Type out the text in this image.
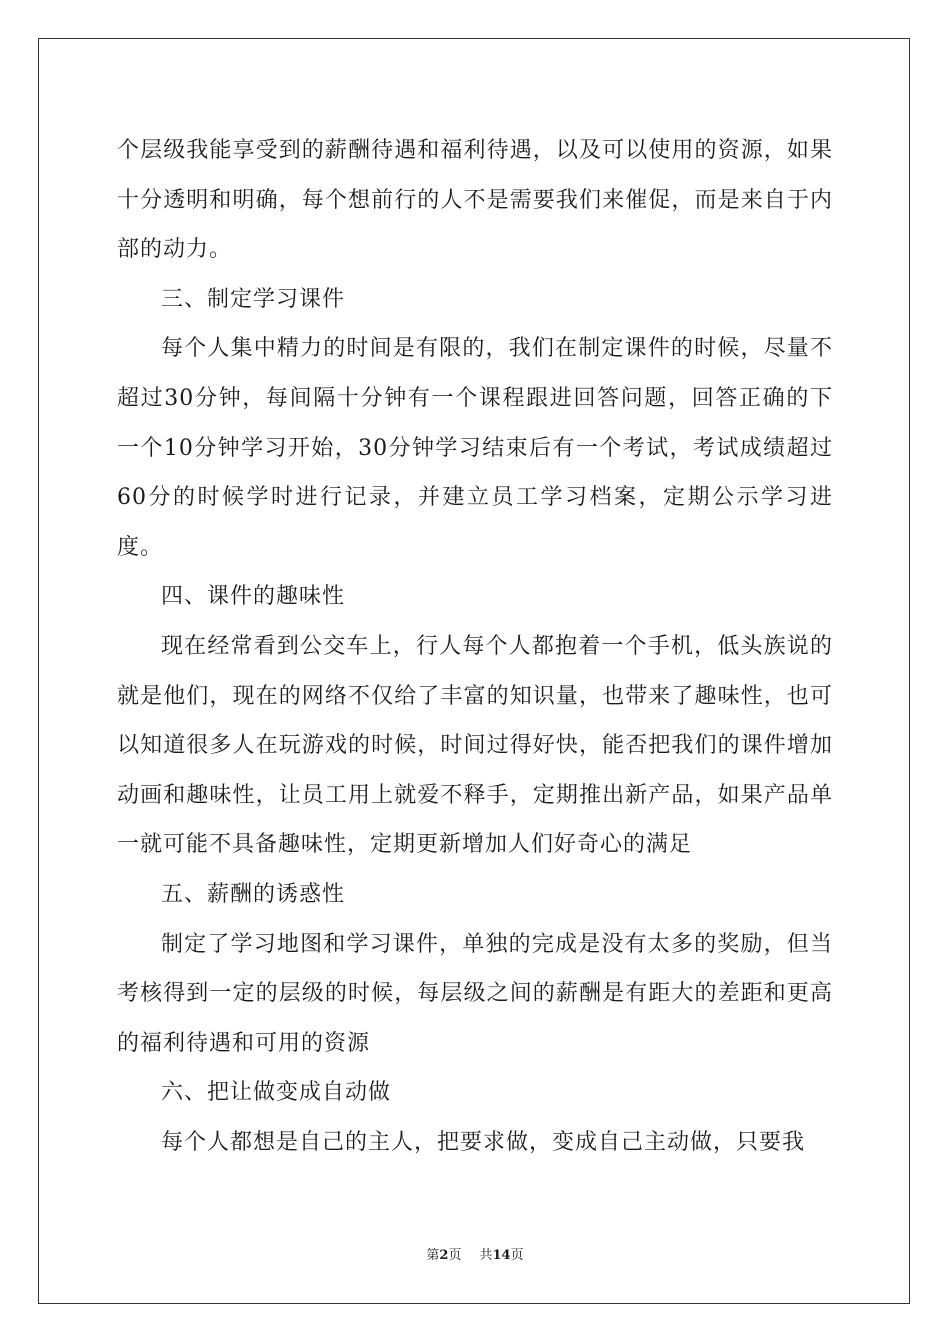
个层级我能享受到的薪酬待遇和福利待遇，以及可以使用的资源，如果十分透明和明确，每个想前行的人不是需要我们来催促，而是来自于内部的动力。

三、制定学习课件

每个人集中精力的时间是有限的，我们在制定课件的时候，尽量不超过30分钟，每间隔十分钟有一个课程跟进回答问题，回答正确的下一个10分钟学习开始，30分钟学习结束后有一个考试，考试成绩超过60分的时候学时进行记录，并建立员工学习档案，定期公示学习进度。

四、课件的趣味性

现在经常看到公交车上，行人每个人都抱着一个手机，低头族说的就是他们，现在的网络不仅给了丰富的知识量，也带来了趣味性，也可以知道很多人在玩游戏的时候，时间过得好快，能否把我们的课件增加动画和趣味性，让员工用上就爱不释手，定期推出新产品，如果产品单一就可能不具备趣味性，定期更新增加人们好奇心的满足

五、薪酬的诱惑性

制定了学习地图和学习课件，单独的完成是没有太多的奖励，但当考核得到一定的层级的时候，每层级之间的薪酬是有距大的差距和更高的福利待遇和可用的资源

六、把让做变成自动做

每个人都想是自己的主人，把要求做，变成自己主动做，只要我

第2页 共14页
